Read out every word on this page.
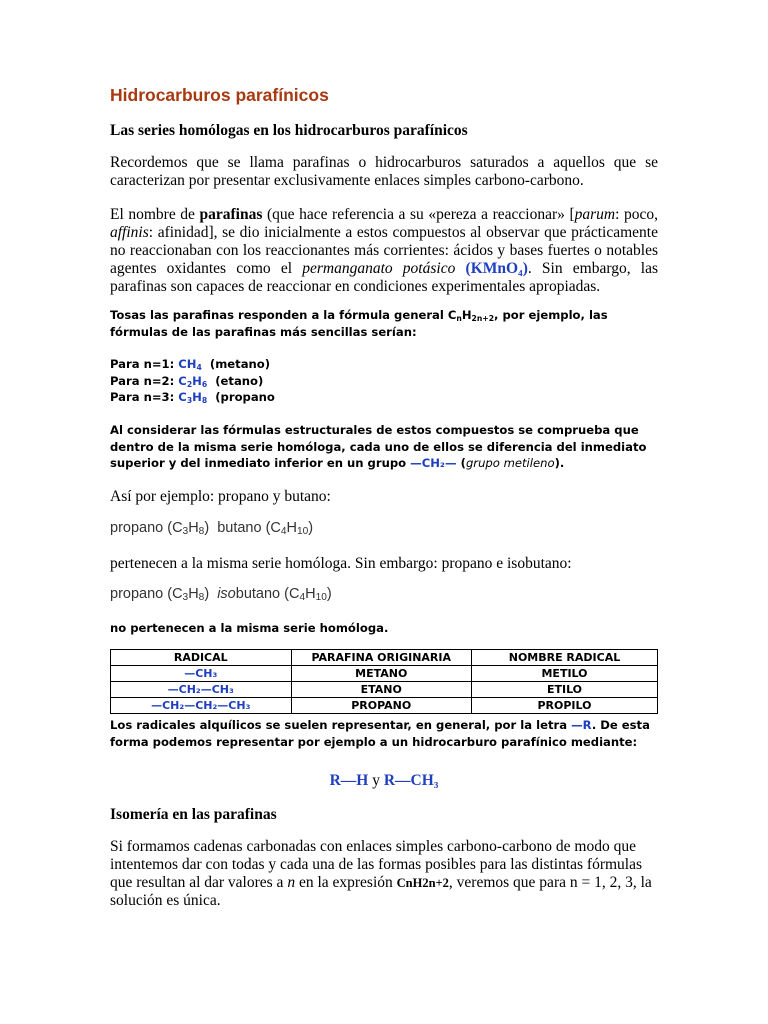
Hidrocarburos parafínicos
Las series homólogas en los hidrocarburos parafínicos
Recordemos que se llama parafinas o hidrocarburos saturados a aquellos que se caracterizan por presentar exclusivamente enlaces simples carbono-carbono.
El nombre de parafinas (que hace referencia a su «pereza a reaccionar» [parum: poco, affinis: afinidad], se dio inicialmente a estos compuestos al observar que prácticamente no reaccionaban con los reaccionantes más corrientes: ácidos y bases fuertes o notables agentes oxidantes como el permanganato potásico (KMnO₄). Sin embargo, las parafinas son capaces de reaccionar en condiciones experimentales apropiadas.
Tosas las parafinas responden a la fórmula general $C_nH_{2n+2}$, por ejemplo, las fórmulas de las parafinas más sencillas serían:
Para n=1: $CH_4$ (metano)
Para n=2: $C_2H_6$ (etano)
Para n=3: $C_3H_8$ (propano
Al considerar las fórmulas estructurales de estos compuestos se comprueba que dentro de la misma serie homóloga, cada uno de ellos se diferencia del inmediato superior y del inmediato inferior en un grupo —CH₂— (grupo metileno).
Así por ejemplo: propano y butano:
propano $(C_3H_8)$  butano $(C_4H_{10})$
pertenecen a la misma serie homóloga. Sin embargo: propano e isobutano:
propano $(C_3H_8)$  isobutano $(C_4H_{10})$
no pertenecen a la misma serie homóloga.
RADICAL	PARAFINA ORIGINARIA	NOMBRE RADICAL
—CH₃	METANO	METILO
—CH₂—CH₃	ETANO	ETILO
—CH₂—CH₂—CH₃	PROPANO	PROPILO
Los radicales alquílicos se suelen representar, en general, por la letra —R. De esta forma podemos representar por ejemplo a un hidrocarburo parafínico mediante:
R—H y R—CH₃
Isomería en las parafinas
Si formamos cadenas carbonadas con enlaces simples carbono-carbono de modo que intentemos dar con todas y cada una de las formas posibles para las distintas fórmulas que resultan al dar valores a n en la expresión CnH2n+2, veremos que para n = 1, 2, 3, la solución es única.
